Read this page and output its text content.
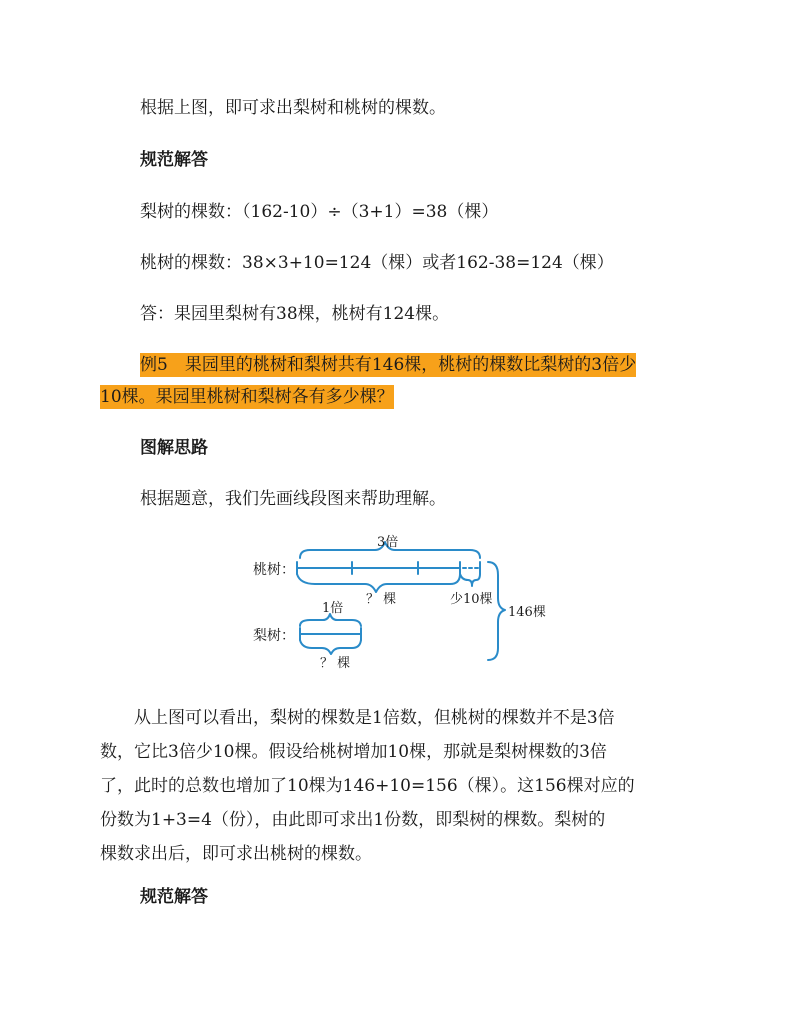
根据上图，即可求出梨树和桃树的棵数。
规范解答
梨树的棵数：（162-10）÷（3+1）=38（棵）
桃树的棵数：38×3+10=124（棵）或者162-38=124（棵）
答：果园里梨树有38棵，桃树有124棵。
例5　果园里的桃树和梨树共有146棵，桃树的棵数比梨树的3倍少
10棵。果园里桃树和梨树各有多少棵？
图解思路
根据题意，我们先画线段图来帮助理解。
桃树：
梨树：
3倍
1倍
？ 棵	少10棵
？ 棵
146棵
　　从上图可以看出，梨树的棵数是1倍数，但桃树的棵数并不是3倍
数，它比3倍少10棵。假设给桃树增加10棵，那就是梨树棵数的3倍
了，此时的总数也增加了10棵为146+10=156（棵）。这156棵对应的
份数为1+3=4（份），由此即可求出1份数，即梨树的棵数。梨树的
棵数求出后，即可求出桃树的棵数。
规范解答
